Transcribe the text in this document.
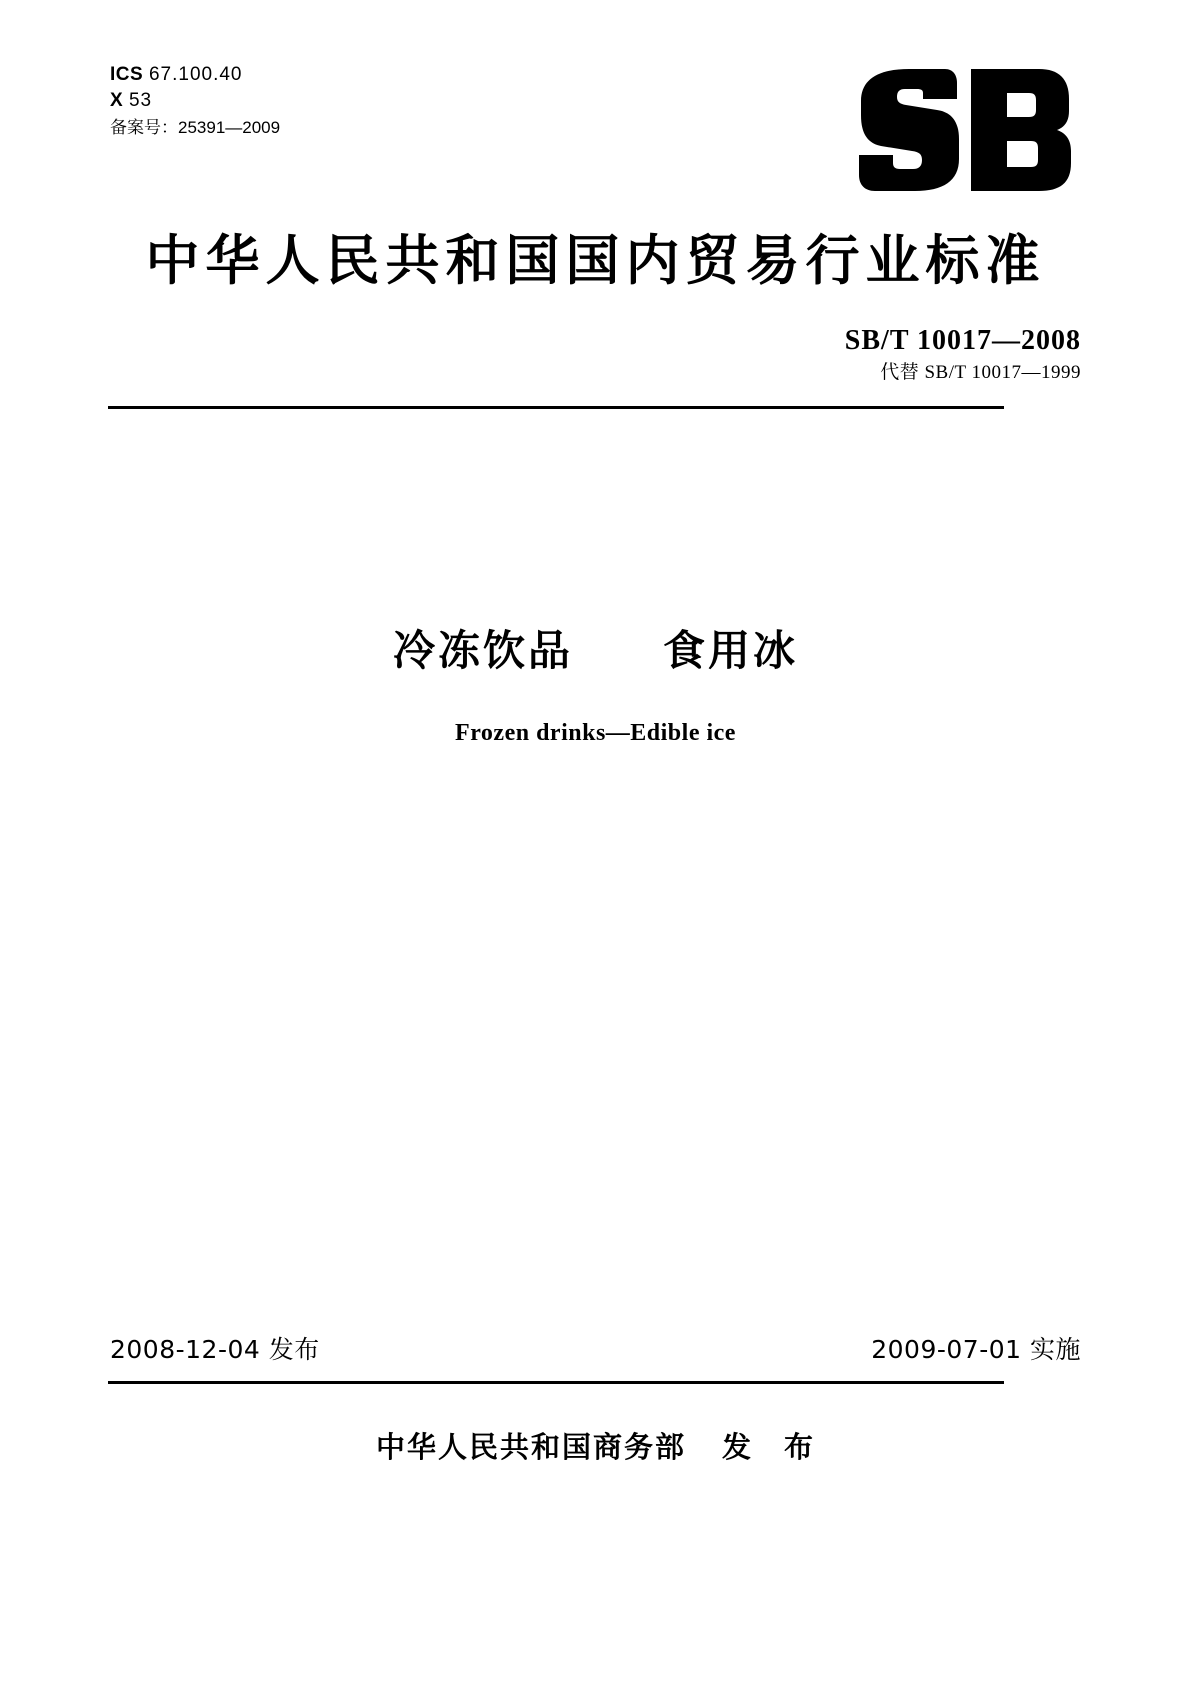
ICS 67.100.40
X 53
备案号：25391—2009
中华人民共和国国内贸易行业标准
SB/T 10017—2008
代替 SB/T 10017—1999
冷冻饮品　　食用冰
Frozen drinks—Edible ice
2008-12-04 发布	2009-07-01 实施
中华人民共和国商务部 发　布
